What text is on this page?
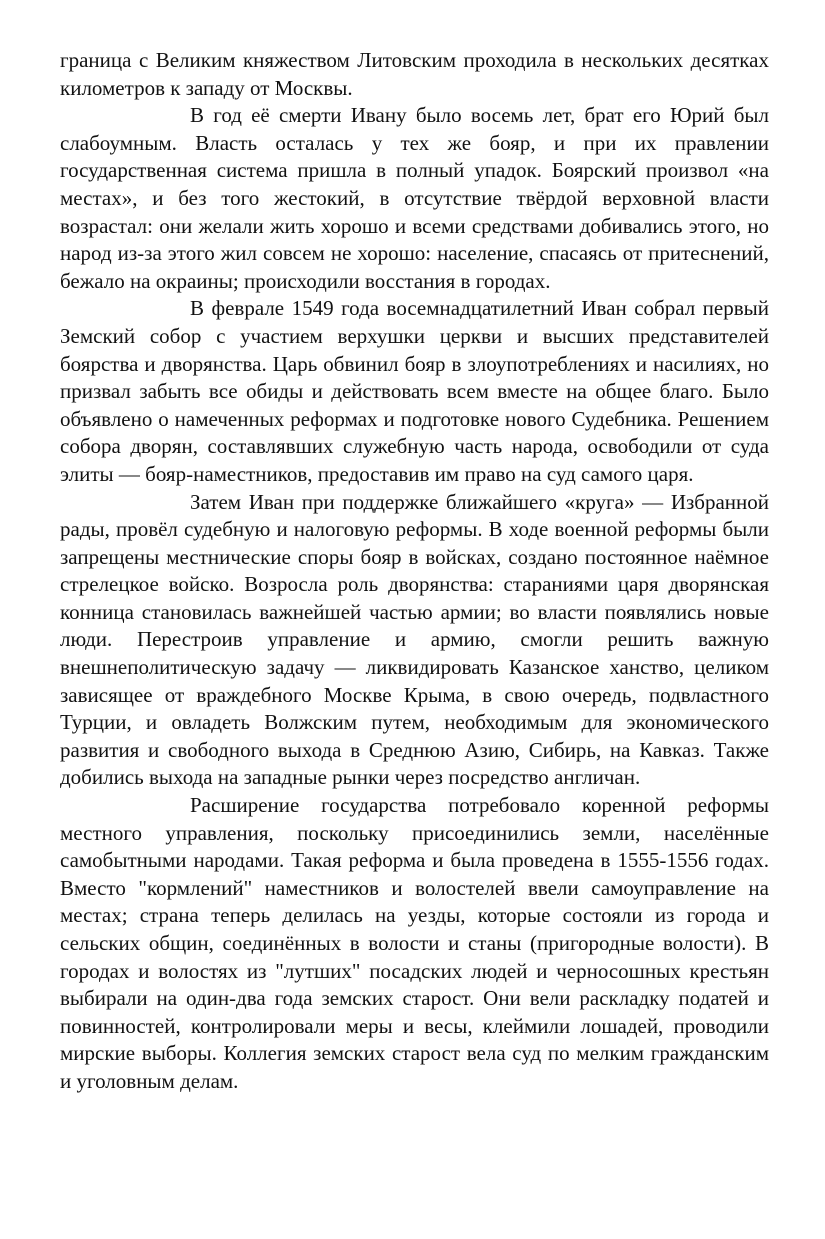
граница с Великим княжеством Литовским проходила в нескольких десятках километров к западу от Москвы.

В год её смерти Ивану было восемь лет, брат его Юрий был слабоумным. Власть осталась у тех же бояр, и при их правлении государственная система пришла в полный упадок. Боярский произвол «на местах», и без того жестокий, в отсутствие твёрдой верховной власти возрастал: они желали жить хорошо и всеми средствами добивались этого, но народ из-за этого жил совсем не хорошо: население, спасаясь от притеснений, бежало на окраины; происходили восстания в городах.

В феврале 1549 года восемнадцатилетний Иван собрал первый Земский собор с участием верхушки церкви и высших представителей боярства и дворянства. Царь обвинил бояр в злоупотреблениях и насилиях, но призвал забыть все обиды и действовать всем вместе на общее благо. Было объявлено о намеченных реформах и подготовке нового Судебника. Решением собора дворян, составлявших служебную часть народа, освободили от суда элиты — бояр-наместников, предоставив им право на суд самого царя.

Затем Иван при поддержке ближайшего «круга» — Избранной рады, провёл судебную и налоговую реформы. В ходе военной реформы были запрещены местнические споры бояр в войсках, создано постоянное наёмное стрелецкое войско. Возросла роль дворянства: стараниями царя дворянская конница становилась важнейшей частью армии; во власти появлялись новые люди. Перестроив управление и армию, смогли решить важную внешнеполитическую задачу — ликвидировать Казанское ханство, целиком зависящее от враждебного Москве Крыма, в свою очередь, подвластного Турции, и овладеть Волжским путем, необходимым для экономического развития и свободного выхода в Среднюю Азию, Сибирь, на Кавказ. Также добились выхода на западные рынки через посредство англичан.

Расширение государства потребовало коренной реформы местного управления, поскольку присоединились земли, населённые самобытными народами. Такая реформа и была проведена в 1555-1556 годах. Вместо "кормлений" наместников и волостелей ввели самоуправление на местах; страна теперь делилась на уезды, которые состояли из города и сельских общин, соединённых в волости и станы (пригородные волости). В городах и волостях из "лутших" посадских людей и черносошных крестьян выбирали на один-два года земских старост. Они вели раскладку податей и повинностей, контролировали меры и весы, клеймили лошадей, проводили мирские выборы. Коллегия земских старост вела суд по мелким гражданским и уголовным делам.
